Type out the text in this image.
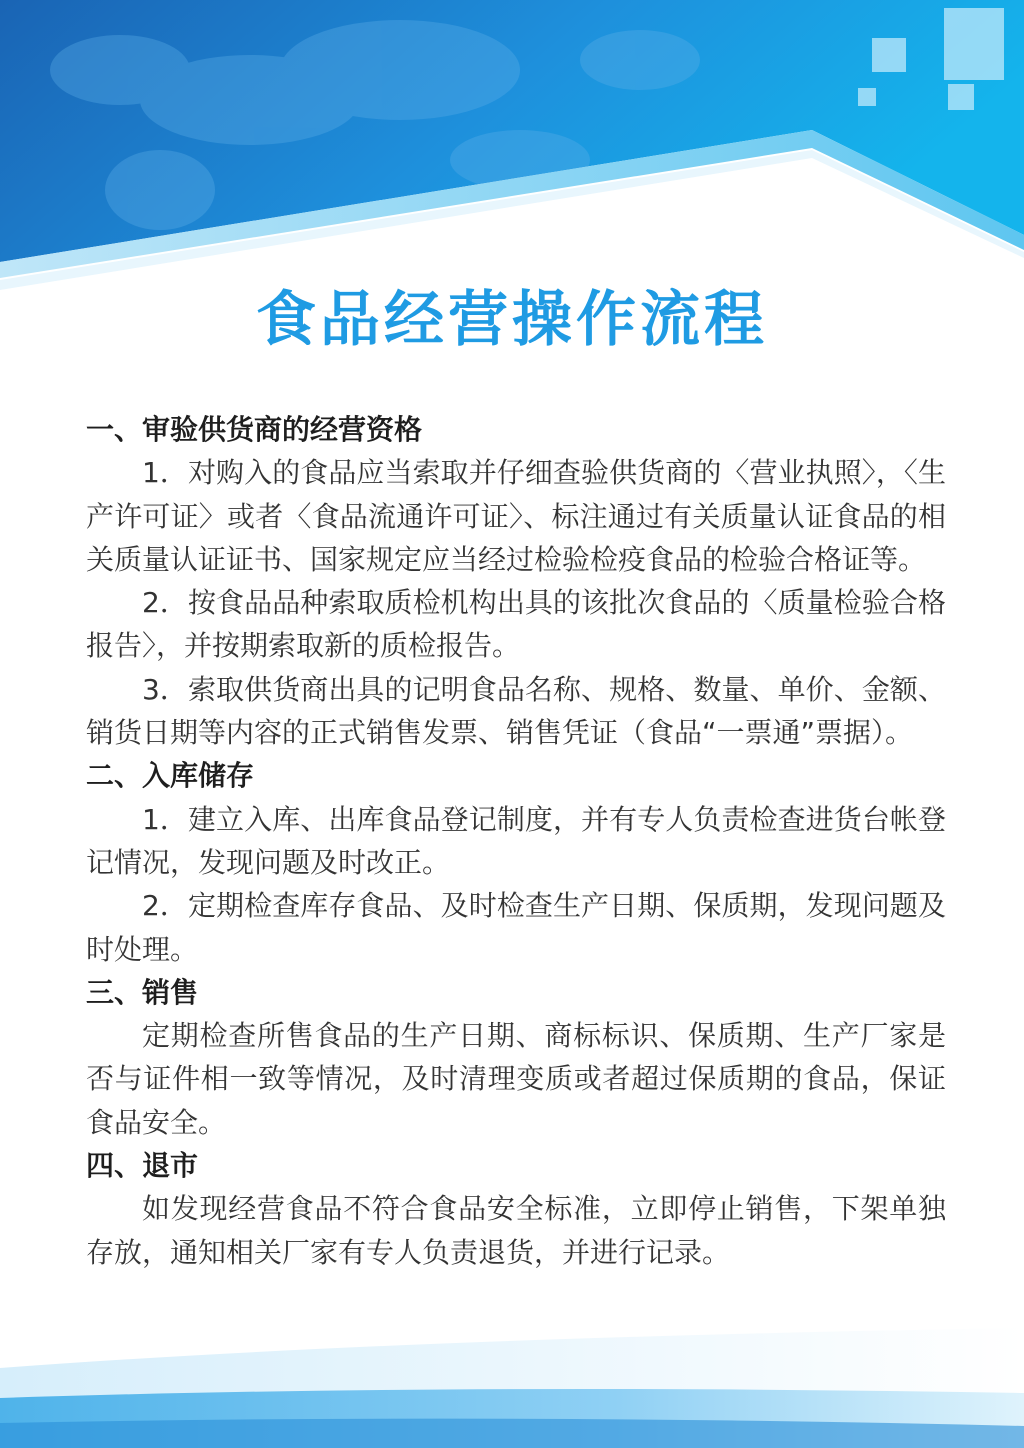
食品经营操作流程
一、审验供货商的经营资格
1．对购入的食品应当索取并仔细查验供货商的〈营业执照〉，〈生产许可证〉或者〈食品流通许可证〉、标注通过有关质量认证食品的相关质量认证证书、国家规定应当经过检验检疫食品的检验合格证等。
2．按食品品种索取质检机构出具的该批次食品的〈质量检验合格报告〉，并按期索取新的质检报告。
3．索取供货商出具的记明食品名称、规格、数量、单价、金额、销货日期等内容的正式销售发票、销售凭证（食品“一票通”票据）。
二、入库储存
1．建立入库、出库食品登记制度，并有专人负责检查进货台帐登记情况，发现问题及时改正。
2．定期检查库存食品、及时检查生产日期、保质期，发现问题及时处理。
三、销售
定期检查所售食品的生产日期、商标标识、保质期、生产厂家是否与证件相一致等情况，及时清理变质或者超过保质期的食品，保证食品安全。
四、退市
如发现经营食品不符合食品安全标准，立即停止销售，下架单独存放，通知相关厂家有专人负责退货，并进行记录。
